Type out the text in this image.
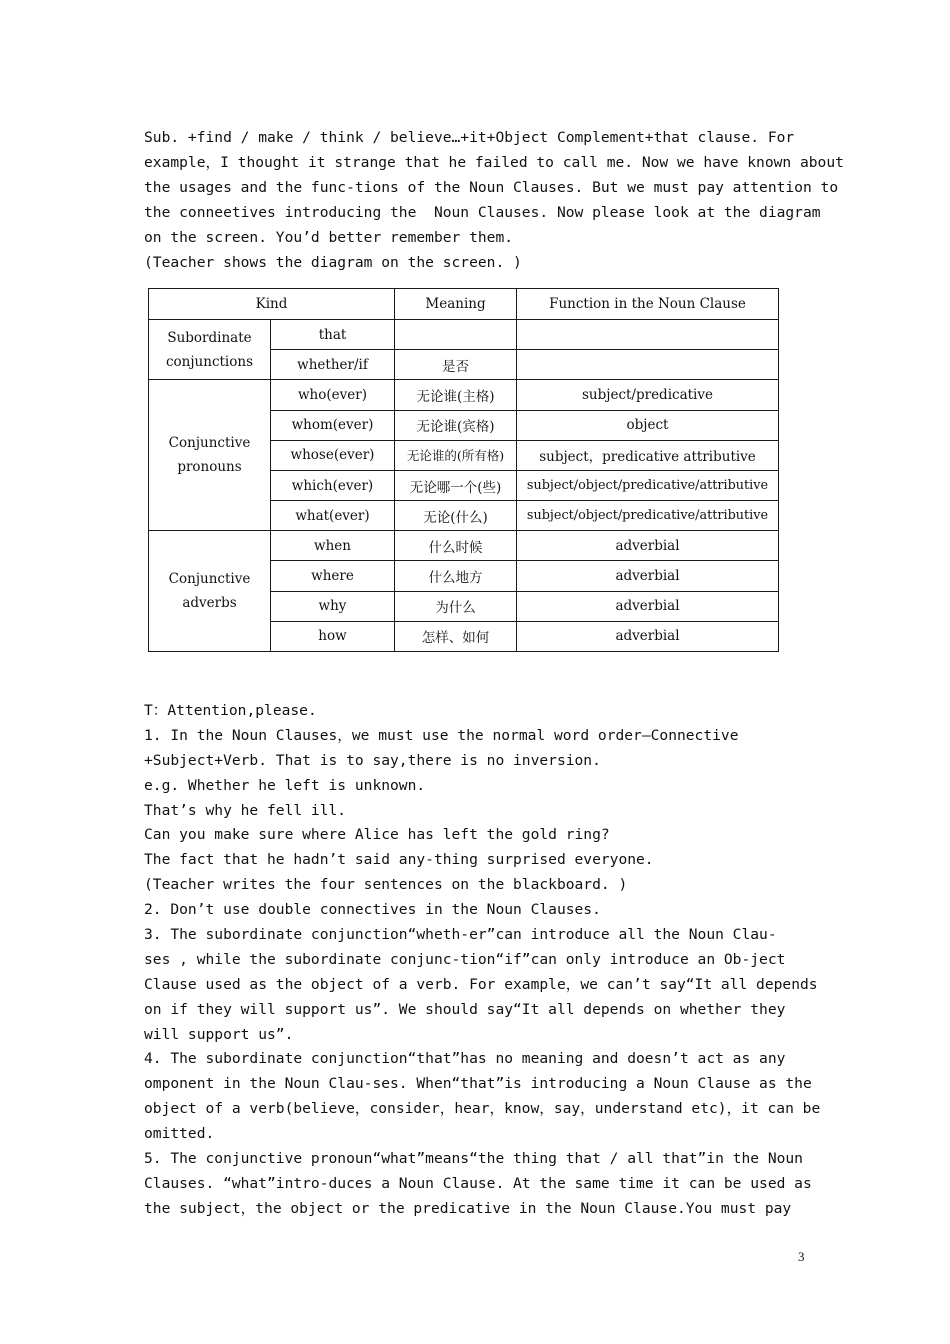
Sub. +find / make / think / believe…+it+Object Complement+that clause. For
example，I thought it strange that he failed to call me. Now we have known about
the usages and the func-tions of the Noun Clauses. But we must pay attention to
the conneetives introducing the  Noun Clauses. Now please look at the diagram
on the screen. You’d better remember them.
(Teacher shows the diagram on the screen. )
Kind		Meaning	Function in the Noun Clause
Subordinate
conjunctions	that		
	whether/if	是否	
Conjunctive
pronouns	who(ever)	无论谁(主格)	subject/predicative
	whom(ever)	无论谁(宾格)	object
	whose(ever)	无论谁的(所有格)	subject，predicative attributive
	which(ever)	无论哪一个(些)	subject/object/predicative/attributive
	what(ever)	无论(什么)	subject/object/predicative/attributive
Conjunctive
adverbs	when	什么时候	adverbial
	where	什么地方	adverbial
	why	为什么	adverbial
	how	怎样、如何	adverbial
T：Attention,please.
1. In the Noun Clauses，we must use the normal word order—Connective
+Subject+Verb. That is to say,there is no inversion.
e.g. Whether he left is unknown.
That’s why he fell ill.
Can you make sure where Alice has left the gold ring?
The fact that he hadn’t said any-thing surprised everyone.
(Teacher writes the four sentences on the blackboard. )
2. Don’t use double connectives in the Noun Clauses.
3. The subordinate conjunction“wheth-er”can introduce all the Noun Clau-
ses , while the subordinate conjunc-tion“if”can only introduce an Ob-ject
Clause used as the object of a verb. For example，we can’t say“It all depends
on if they will support us”. We should say“It all depends on whether they
will support us”.
4. The subordinate conjunction“that”has no meaning and doesn’t act as any
omponent in the Noun Clau-ses. When“that”is introducing a Noun Clause as the
object of a verb(believe，consider，hear，know，say，understand etc)，it can be
omitted.
5. The conjunctive pronoun“what”means“the thing that / all that”in the Noun
Clauses. “what”intro-duces a Noun Clause. At the same time it can be used as
the subject，the object or the predicative in the Noun Clause.You must pay
3
